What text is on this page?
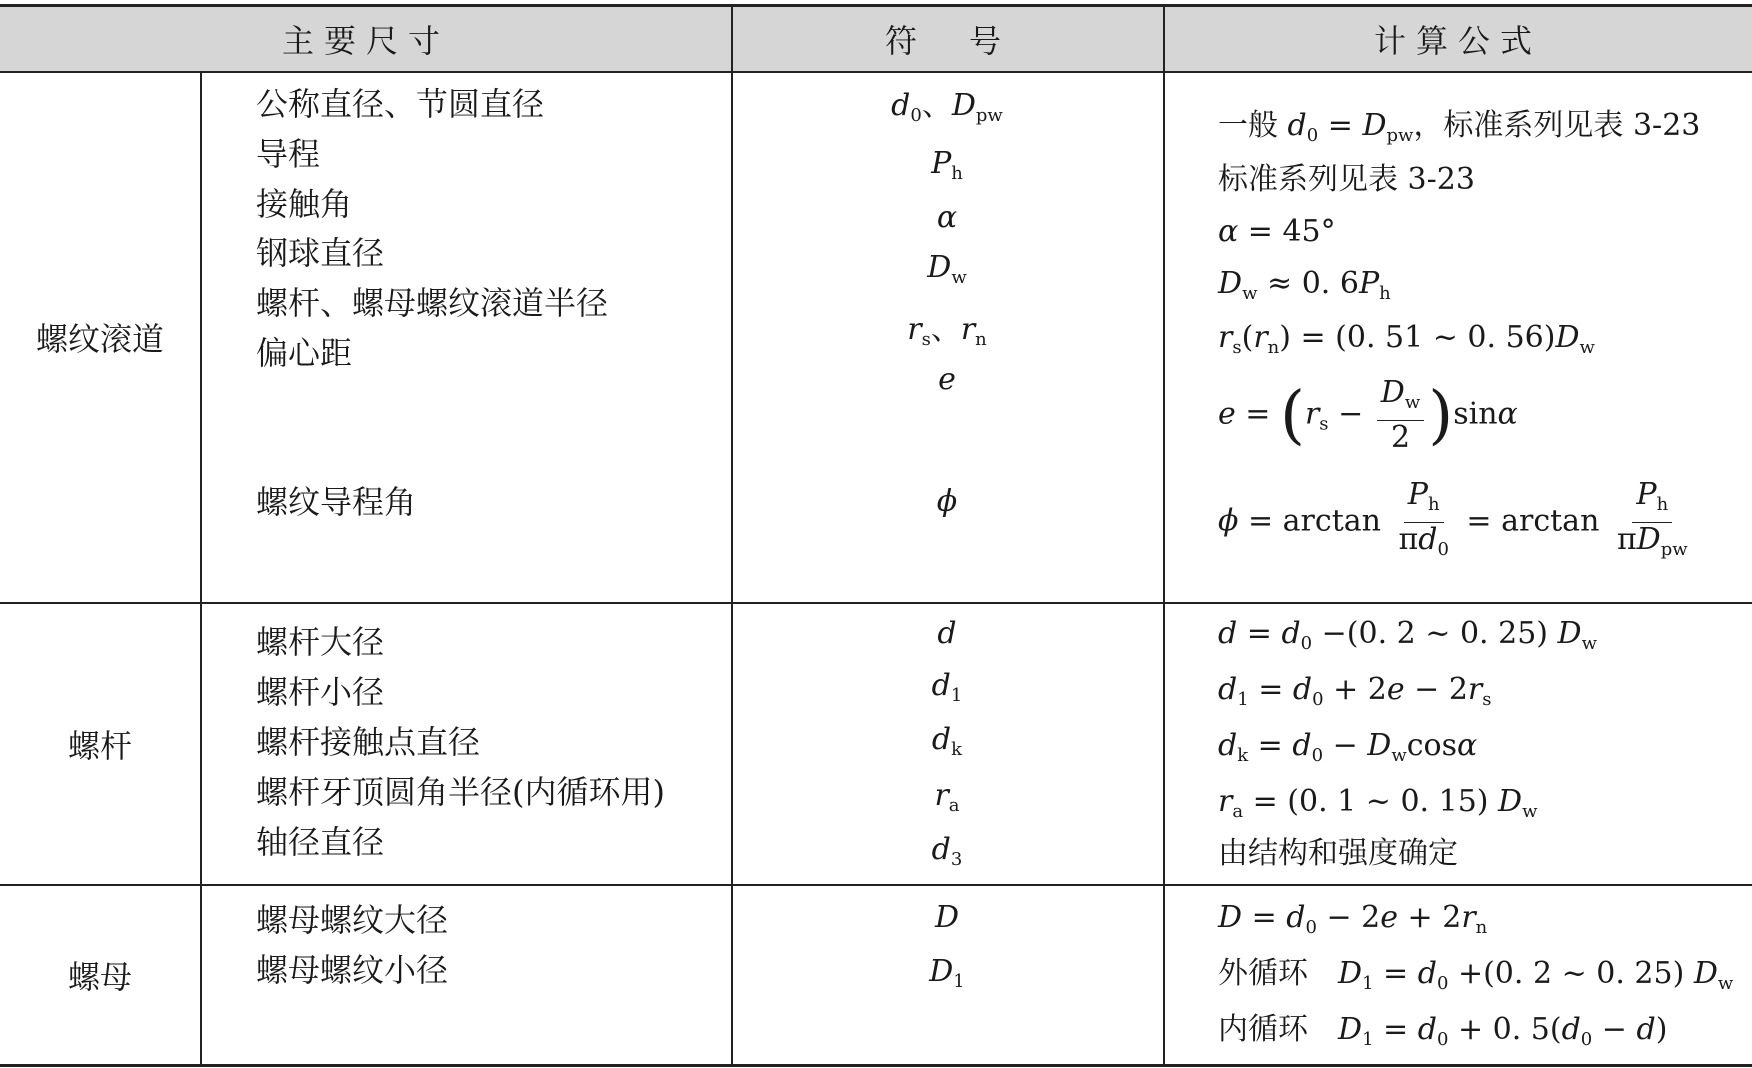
主要尺寸	符　号	计算公式
螺纹滚道
螺杆
螺母
公称直径、节圆直径
导程
接触角
钢球直径
螺杆、螺母螺纹滚道半径
偏心距
螺纹导程角
$d_0$、$D_{pw}$
$P_h$
α
$D_w$
$r_s$、$r_n$
e
ϕ
一般 $d_0 = D_{pw}$，标准系列见表 3-23
标准系列见表 3-23
α = 45°
$D_w \approx 0$. $6P_h$
$r_s(r_n) = (0$. 51 ~ 0. $56)D_w$
$e = (r_s - \frac{D_w}{2} )\sin\alpha$
$\phi = \arctan \frac{P_h}{\pi d_0} = \arctan \frac{P_h}{\pi D_{pw}}$
螺杆大径
螺杆小径
螺杆接触点直径
螺杆牙顶圆角半径(内循环用)
轴径直径
d
$d_1$
$d_k$
$r_a$
$d_3$
$d = d_0 -(0$. 2 ~ 0. 25) $D_w$
$d_1 = d_0 + 2e - 2r_s$
$d_k = d_0 - D_w\cos\alpha$
$r_a = (0$. 1 ~ 0. 15) $D_w$
由结构和强度确定
螺母螺纹大径
螺母螺纹小径
D
$D_1$
$D = d_0 - 2e + 2r_n$
外循环　$D_1 = d_0 +(0$. 2 ~ 0. 25) $D_w$
内循环　$D_1 = d_0 + 0$. $5(d_0 - d)$
